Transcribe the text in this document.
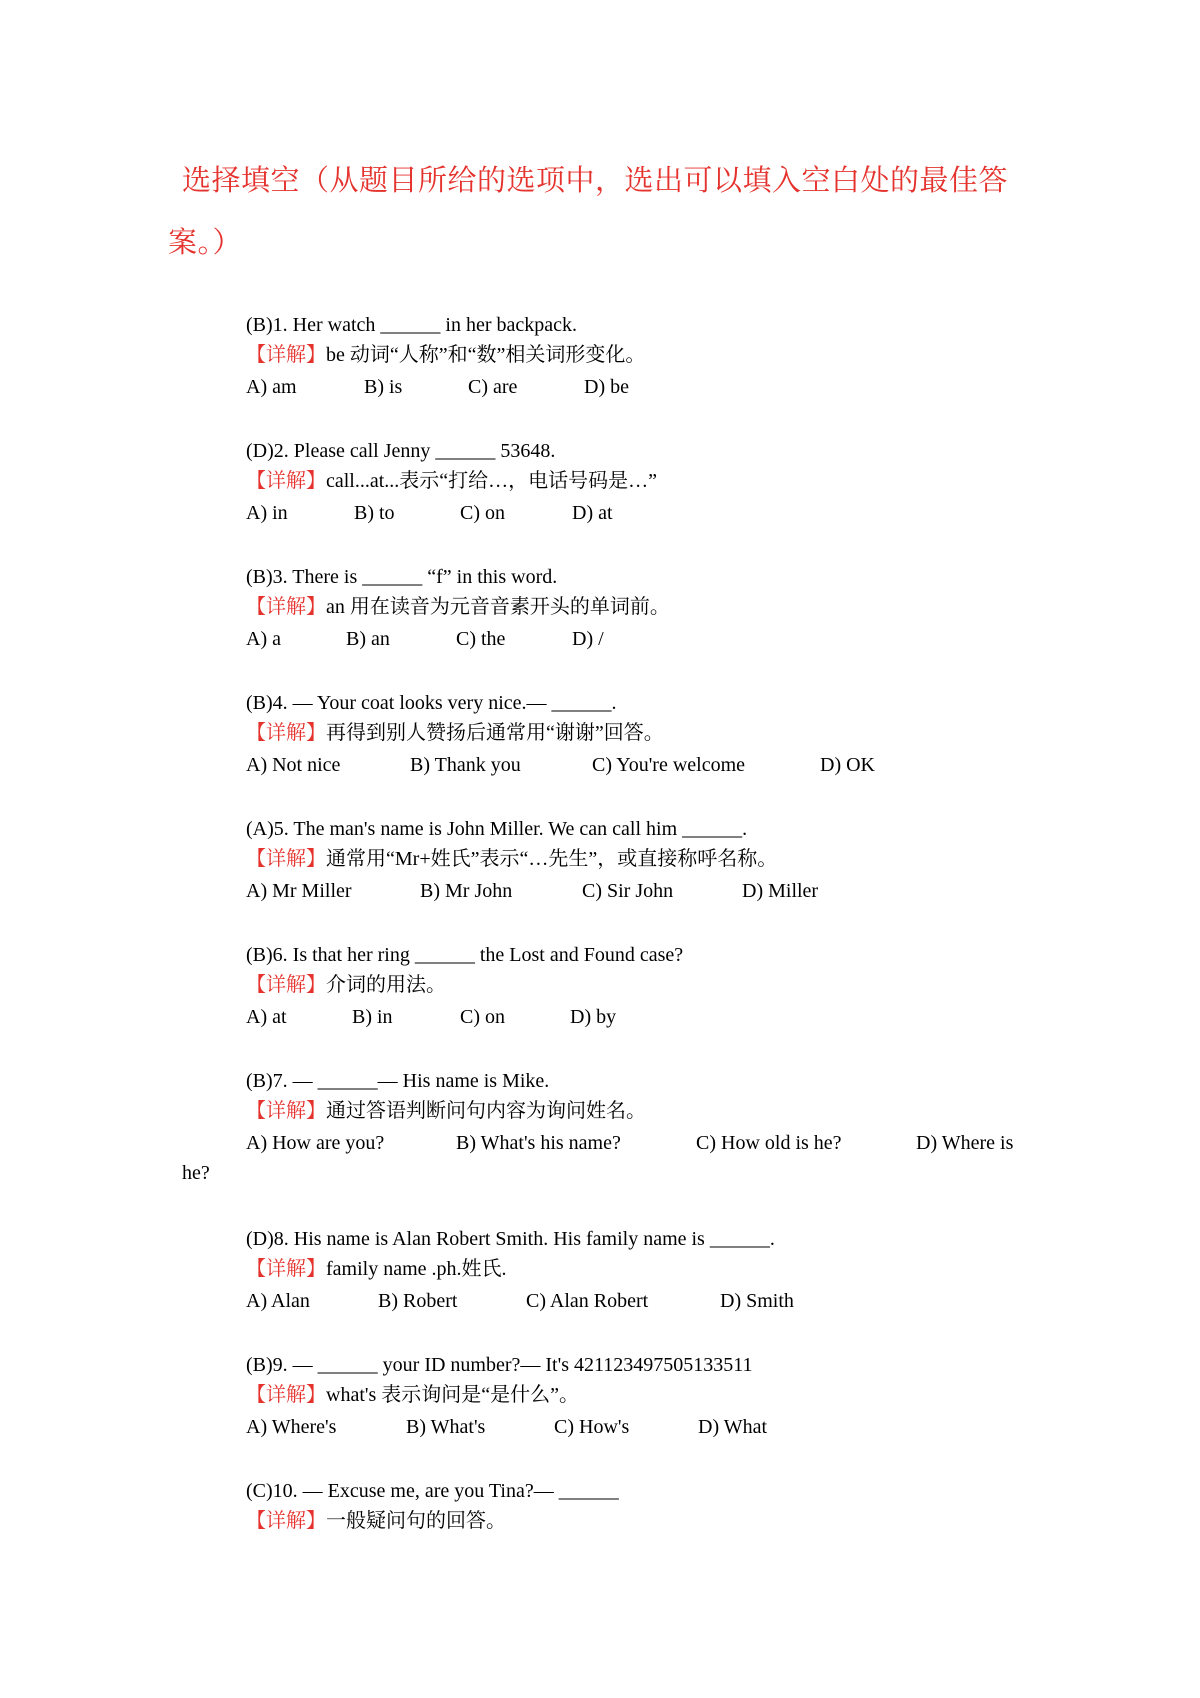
选择填空（从题目所给的选项中，选出可以填入空白处的最佳答案。）
(B)1. Her watch ______ in her backpack.
【详解】be 动词“人称”和“数”相关词形变化。
A) am	B) is	C) are	D) be
(D)2. Please call Jenny ______ 53648.
【详解】call...at...表示“打给…，电话号码是…”
A) in	B) to	C) on	D) at
(B)3. There is ______ “f” in this word.
【详解】an 用在读音为元音音素开头的单词前。
A) a	B) an	C) the	D) /
(B)4. — Your coat looks very nice.— ______.
【详解】再得到别人赞扬后通常用“谢谢”回答。
A) Not nice	B) Thank you	C) You're welcome	D) OK
(A)5. The man's name is John Miller. We can call him ______.
【详解】通常用“Mr+姓氏”表示“…先生”，或直接称呼名称。
A) Mr Miller	B) Mr John	C) Sir John	D) Miller
(B)6. Is that her ring ______ the Lost and Found case?
【详解】介词的用法。
A) at	B) in	C) on	D) by
(B)7. — ______— His name is Mike.
【详解】通过答语判断问句内容为询问姓名。
A) How are you?	B) What's his name?	C) How old is he?	D) Where is
he?
(D)8. His name is Alan Robert Smith. His family name is ______.
【详解】family name .ph.姓氏.
A) Alan	B) Robert	C) Alan Robert	D) Smith
(B)9. — ______ your ID number?— It's 421123497505133511
【详解】what's 表示询问是“是什么”。
A) Where's	B) What's	C) How's	D) What
(C)10. — Excuse me, are you Tina?— ______
【详解】一般疑问句的回答。
